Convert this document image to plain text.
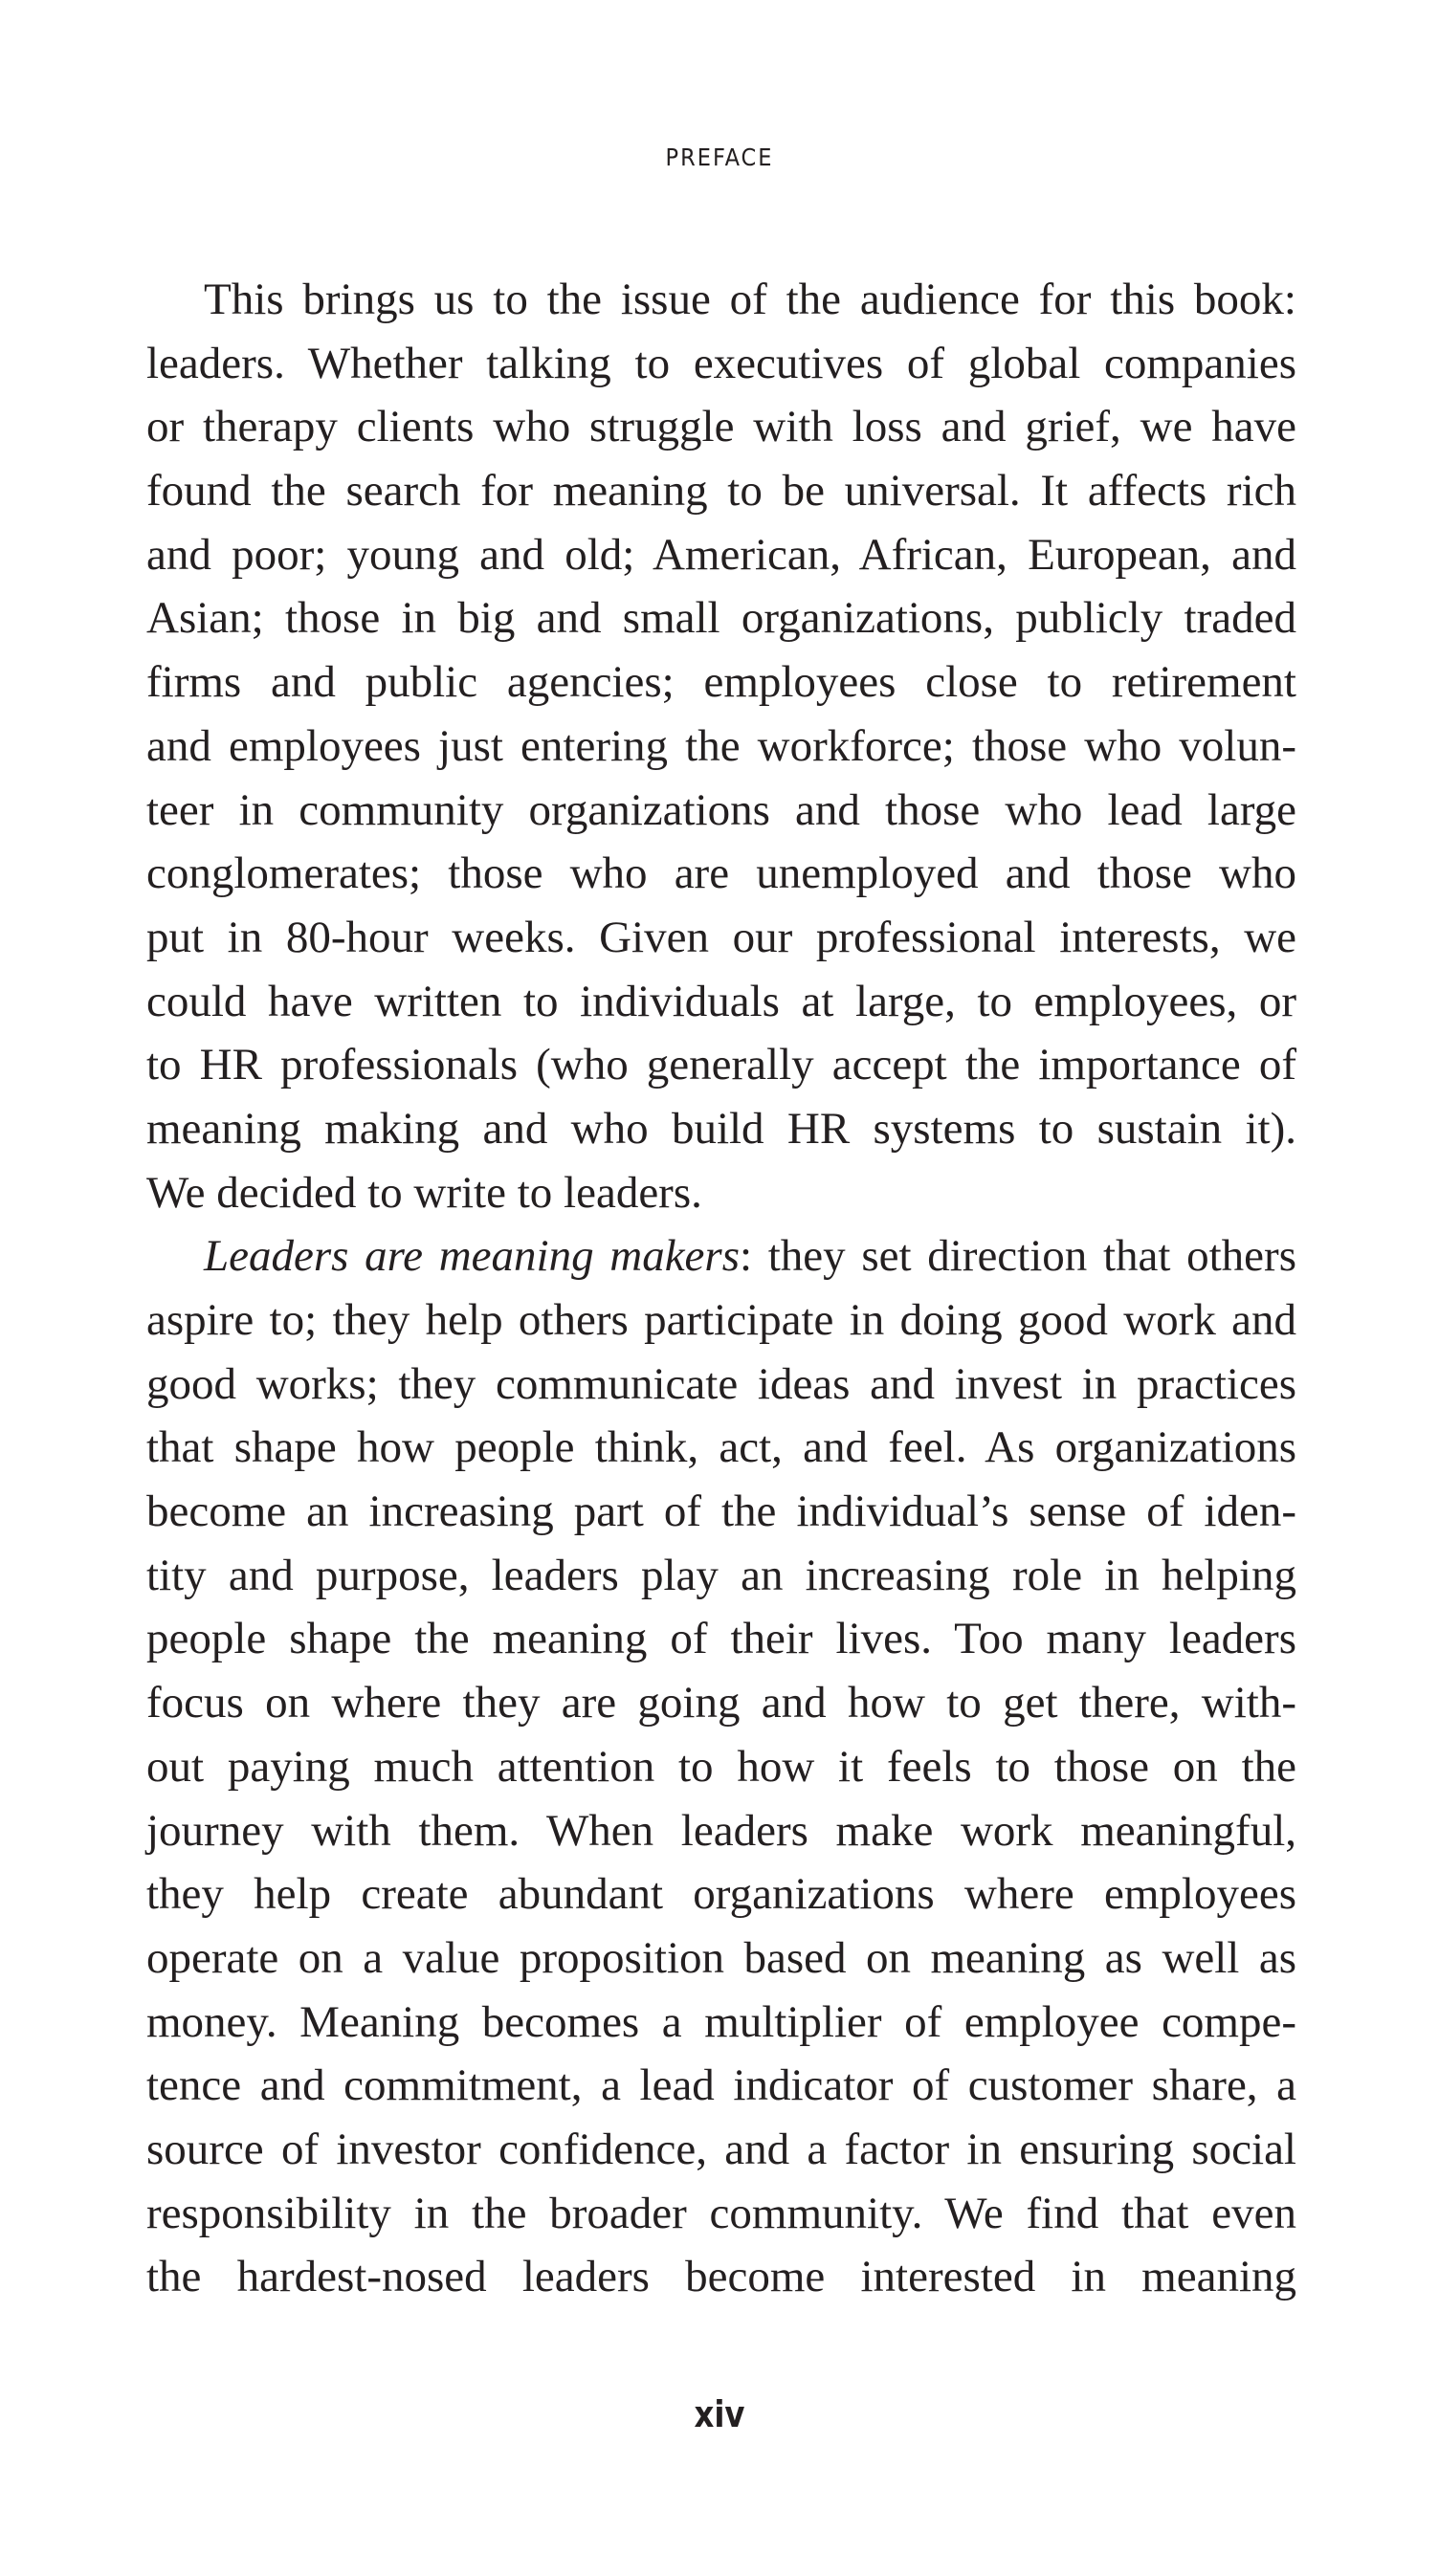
PREFACE
This brings us to the issue of the audience for this book:
leaders. Whether talking to executives of global companies
or therapy clients who struggle with loss and grief, we have
found the search for meaning to be universal. It affects rich
and poor; young and old; American, African, European, and
Asian; those in big and small organizations, publicly traded
firms and public agencies; employees close to retirement
and employees just entering the workforce; those who volun-
teer in community organizations and those who lead large
conglomerates; those who are unemployed and those who
put in 80-hour weeks. Given our professional interests, we
could have written to individuals at large, to employees, or
to HR professionals (who generally accept the importance of
meaning making and who build HR systems to sustain it).
We decided to write to leaders.
Leaders are meaning makers: they set direction that others
aspire to; they help others participate in doing good work and
good works; they communicate ideas and invest in practices
that shape how people think, act, and feel. As organizations
become an increasing part of the individual’s sense of iden-
tity and purpose, leaders play an increasing role in helping
people shape the meaning of their lives. Too many leaders
focus on where they are going and how to get there, with-
out paying much attention to how it feels to those on the
journey with them. When leaders make work meaningful,
they help create abundant organizations where employees
operate on a value proposition based on meaning as well as
money. Meaning becomes a multiplier of employee compe-
tence and commitment, a lead indicator of customer share, a
source of investor confidence, and a factor in ensuring social
responsibility in the broader community. We find that even
the hardest-nosed leaders become interested in meaning
xiv
